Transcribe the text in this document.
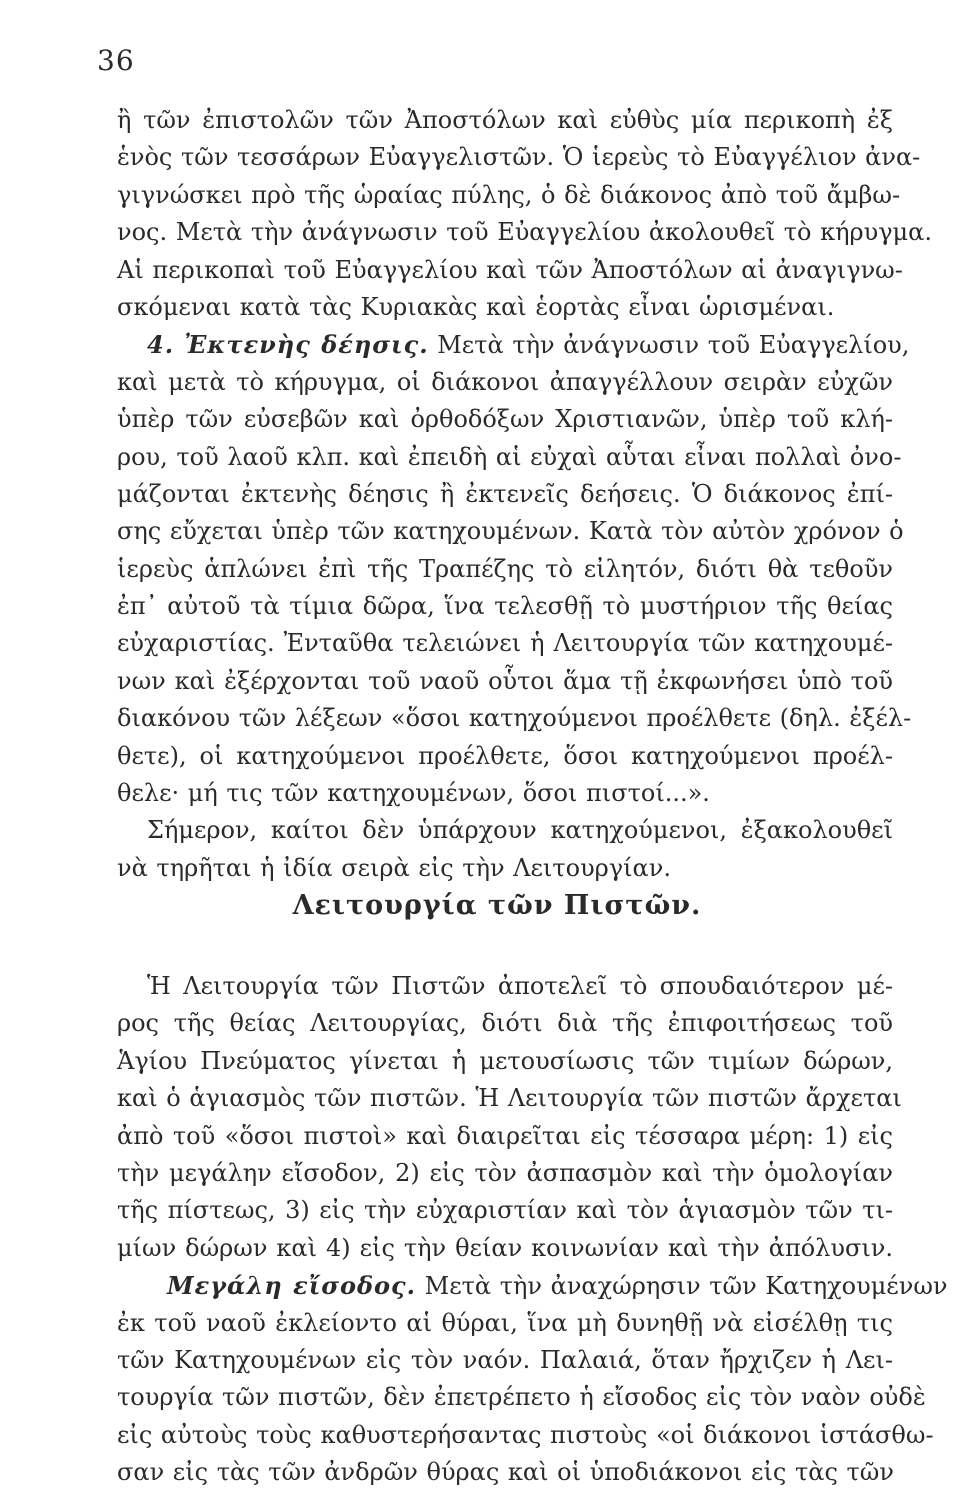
36
ἢ τῶν ἐπιστολῶν τῶν Ἀποστόλων καὶ εὐθὺς μία περικοπὴ ἐξ
ἑνὸς τῶν τεσσάρων Εὐαγγελιστῶν. Ὁ ἱερεὺς τὸ Εὐαγγέλιον ἀνα-
γιγνώσκει πρὸ τῆς ὡραίας πύλης, ὁ δὲ διάκονος ἀπὸ τοῦ ἄμβω-
νος. Μετὰ τὴν ἀνάγνωσιν τοῦ Εὐαγγελίου ἀκολουθεῖ τὸ κήρυγμα.
Αἱ περικοπαὶ τοῦ Εὐαγγελίου καὶ τῶν Ἀποστόλων αἱ ἀναγιγνω-
σκόμεναι κατὰ τὰς Κυριακὰς καὶ ἑορτὰς εἶναι ὡρισμέναι.
4. Ἐκτενὴς δέησις. Μετὰ τὴν ἀνάγνωσιν τοῦ Εὐαγγελίου,
καὶ μετὰ τὸ κήρυγμα, οἱ διάκονοι ἀπαγγέλλουν σειρὰν εὐχῶν
ὑπὲρ τῶν εὐσεβῶν καὶ ὀρθοδόξων Χριστιανῶν, ὑπὲρ τοῦ κλή-
ρου, τοῦ λαοῦ κλπ. καὶ ἐπειδὴ αἱ εὐχαὶ αὗται εἶναι πολλαὶ ὀνο-
μάζονται ἐκτενὴς δέησις ἢ ἐκτενεῖς δεήσεις. Ὁ διάκονος ἐπί-
σης εὔχεται ὑπὲρ τῶν κατηχουμένων. Κατὰ τὸν αὐτὸν χρόνον ὁ
ἱερεὺς ἁπλώνει ἐπὶ τῆς Τραπέζης τὸ εἰλητόν, διότι θὰ τεθοῦν
ἐπ᾿ αὐτοῦ τὰ τίμια δῶρα, ἵνα τελεσθῇ τὸ μυστήριον τῆς θείας
εὐχαριστίας. Ἐνταῦθα τελειώνει ἡ Λειτουργία τῶν κατηχουμέ-
νων καὶ ἐξέρχονται τοῦ ναοῦ οὗτοι ἅμα τῇ ἐκφωνήσει ὑπὸ τοῦ
διακόνου τῶν λέξεων «ὅσοι κατηχούμενοι προέλθετε (δηλ. ἐξέλ-
θετε), οἱ κατηχούμενοι προέλθετε, ὅσοι κατηχούμενοι προέλ-
θελε· μή τις τῶν κατηχουμένων, ὅσοι πιστοί...».
Σήμερον, καίτοι δὲν ὑπάρχουν κατηχούμενοι, ἐξακολουθεῖ
νὰ τηρῆται ἡ ἰδία σειρὰ εἰς τὴν Λειτουργίαν.
Λειτουργία τῶν Πιστῶν.
Ἡ Λειτουργία τῶν Πιστῶν ἀποτελεῖ τὸ σπουδαιότερον μέ-
ρος τῆς θείας Λειτουργίας, διότι διὰ τῆς ἐπιφοιτήσεως τοῦ
Ἁγίου Πνεύματος γίνεται ἡ μετουσίωσις τῶν τιμίων δώρων,
καὶ ὁ ἁγιασμὸς τῶν πιστῶν. Ἡ Λειτουργία τῶν πιστῶν ἄρχεται
ἀπὸ τοῦ «ὅσοι πιστοὶ» καὶ διαιρεῖται εἰς τέσσαρα μέρη: 1) εἰς
τὴν μεγάλην εἴσοδον, 2) εἰς τὸν ἀσπασμὸν καὶ τὴν ὁμολογίαν
τῆς πίστεως, 3) εἰς τὴν εὐχαριστίαν καὶ τὸν ἁγιασμὸν τῶν τι-
μίων δώρων καὶ 4) εἰς τὴν θείαν κοινωνίαν καὶ τὴν ἀπόλυσιν.
Μεγάλη εἴσοδος. Μετὰ τὴν ἀναχώρησιν τῶν Κατηχουμένων
ἐκ τοῦ ναοῦ ἐκλείοντο αἱ θύραι, ἵνα μὴ δυνηθῇ νὰ εἰσέλθῃ τις
τῶν Κατηχουμένων εἰς τὸν ναόν. Παλαιά, ὅταν ἤρχιζεν ἡ Λει-
τουργία τῶν πιστῶν, δὲν ἐπετρέπετο ἡ εἴσοδος εἰς τὸν ναὸν οὐδὲ
εἰς αὐτοὺς τοὺς καθυστερήσαντας πιστοὺς «οἱ διάκονοι ἱστάσθω-
σαν εἰς τὰς τῶν ἀνδρῶν θύρας καὶ οἱ ὑποδιάκονοι εἰς τὰς τῶν
